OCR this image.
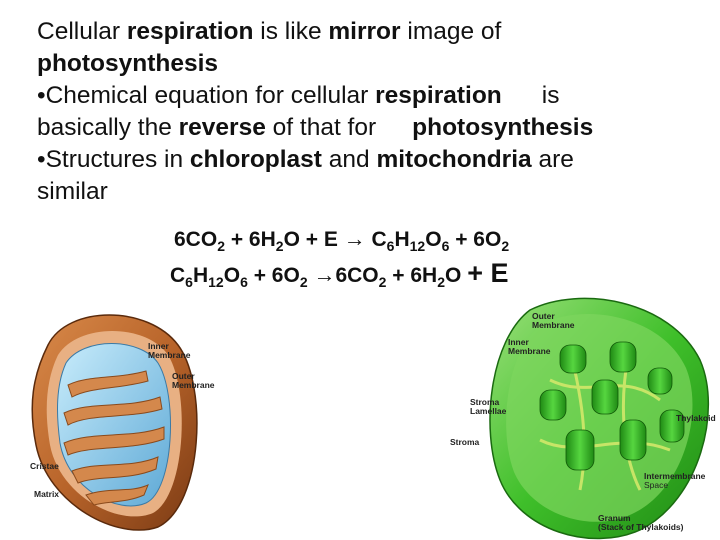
Cellular respiration is like mirror image of
photosynthesis
•Chemical equation for cellular respiration is
basically the reverse of that for photosynthesis
•Structures in chloroplast and mitochondria are
similar
$6CO_2 + 6H_2O + E \to C_6H_{12}O_6 + 6O_2$
$C_6H_{12}O_6 + 6O_2 \to 6CO_2 + 6H_2O + E$
Inner
Membrane
Outer
Membrane
Cristae
Matrix
Outer
Membrane
Inner
Membrane
Stroma
Lamellae
Stroma
Thylakoid
Intermembrane
Space
Granum
(Stack of Thylakoids)
